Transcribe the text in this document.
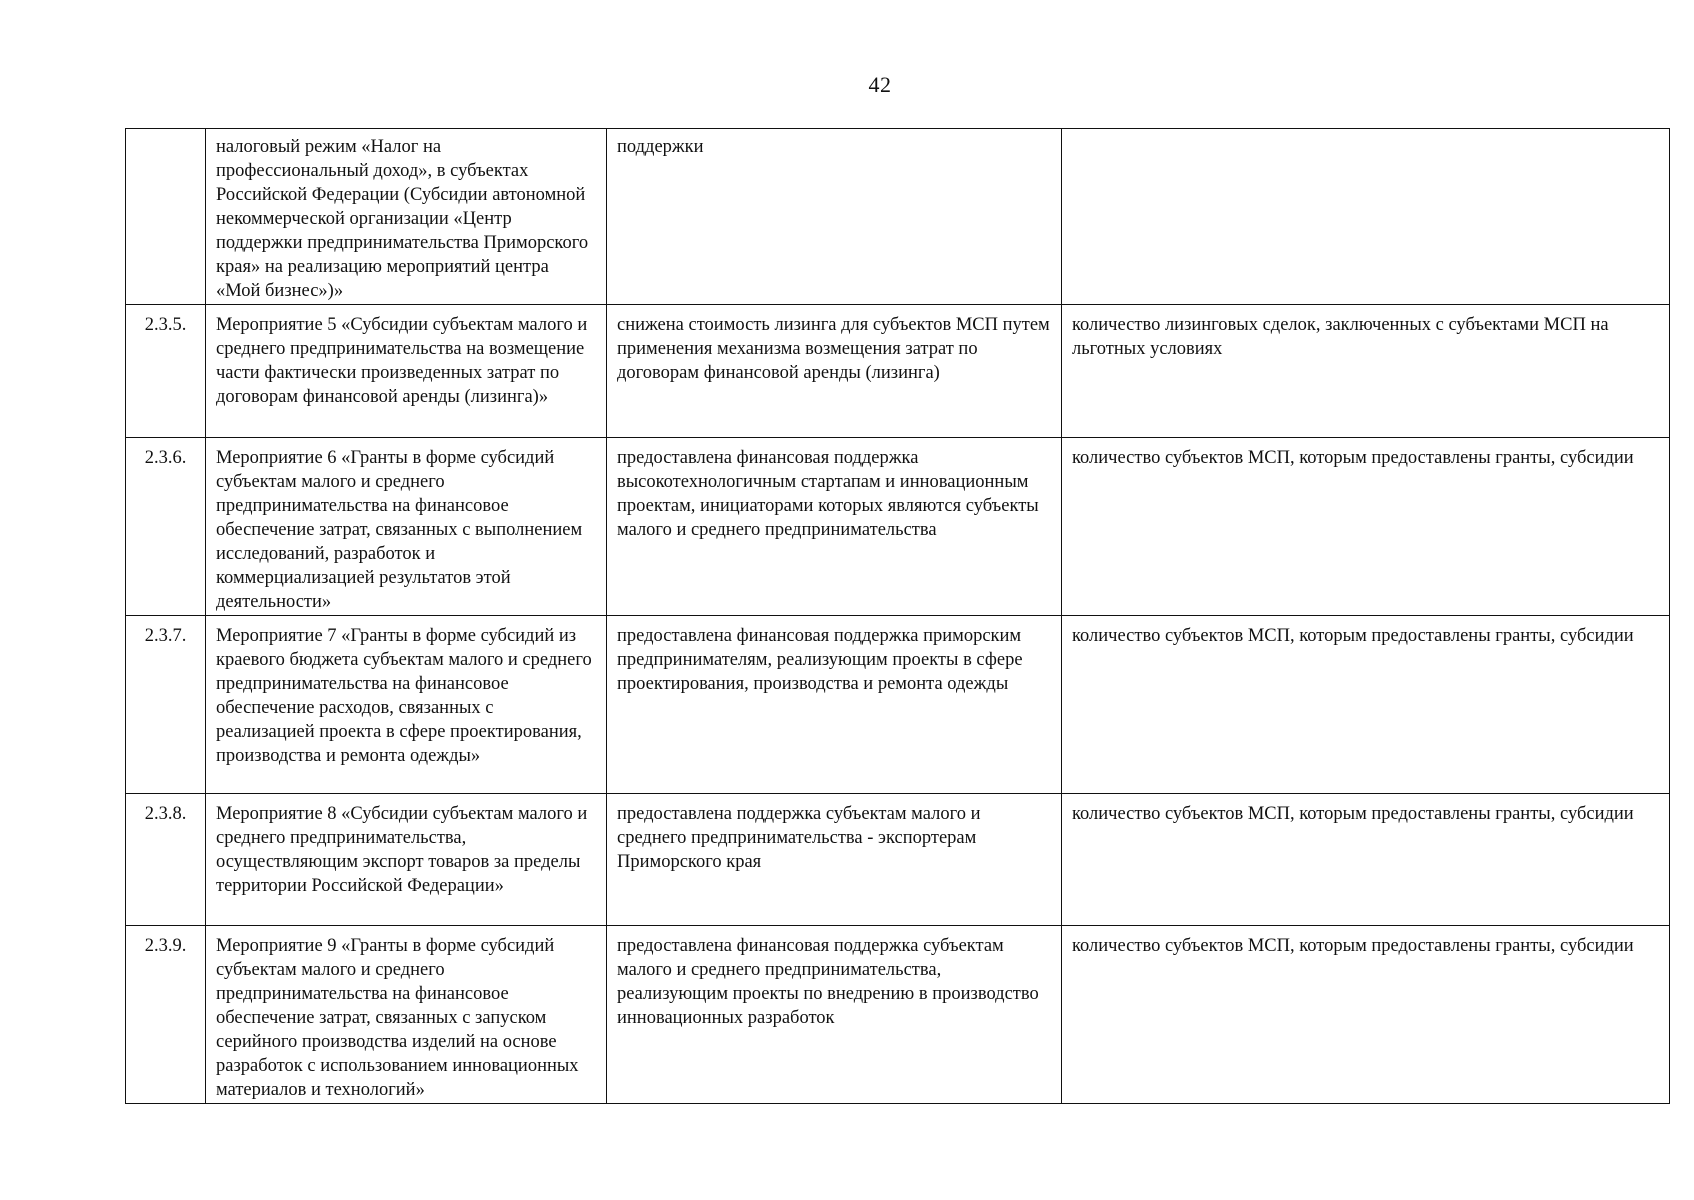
42
	налоговый режим «Налог на профессиональный доход», в субъектах Российской Федерации (Субсидии автономной некоммерческой организации «Центр поддержки предпринимательства Приморского края» на реализацию мероприятий центра «Мой бизнес»)»	поддержки	
2.3.5.	Мероприятие 5 «Субсидии субъектам малого и среднего предпринимательства на возмещение части фактически произведенных затрат по договорам финансовой аренды (лизинга)»	снижена стоимость лизинга для субъектов МСП путем применения механизма возмещения затрат по договорам финансовой аренды (лизинга)	количество лизинговых сделок, заключенных с субъектами МСП на льготных условиях
2.3.6.	Мероприятие 6 «Гранты в форме субсидий субъектам малого и среднего предпринимательства на финансовое обеспечение затрат, связанных с выполнением исследований, разработок и коммерциализацией результатов этой деятельности»	предоставлена финансовая поддержка высокотехнологичным стартапам и инновационным проектам, инициаторами которых являются субъекты малого и среднего предпринимательства	количество субъектов МСП, которым предоставлены гранты, субсидии
2.3.7.	Мероприятие 7 «Гранты в форме субсидий из краевого бюджета субъектам малого и среднего предпринимательства на финансовое обеспечение расходов, связанных с реализацией проекта в сфере проектирования, производства и ремонта одежды»	предоставлена финансовая поддержка приморским предпринимателям, реализующим проекты в сфере проектирования, производства и ремонта одежды	количество субъектов МСП, которым предоставлены гранты, субсидии
2.3.8.	Мероприятие 8 «Субсидии субъектам малого и среднего предпринимательства, осуществляющим экспорт товаров за пределы территории Российской Федерации»	предоставлена поддержка субъектам малого и среднего предпринимательства - экспортерам Приморского края	количество субъектов МСП, которым предоставлены гранты, субсидии
2.3.9.	Мероприятие 9 «Гранты в форме субсидий субъектам малого и среднего предпринимательства на финансовое обеспечение затрат, связанных с запуском серийного производства изделий на основе разработок с использованием инновационных материалов и технологий»	предоставлена финансовая поддержка субъектам малого и среднего предпринимательства, реализующим проекты по внедрению в производство инновационных разработок	количество субъектов МСП, которым предоставлены гранты, субсидии
